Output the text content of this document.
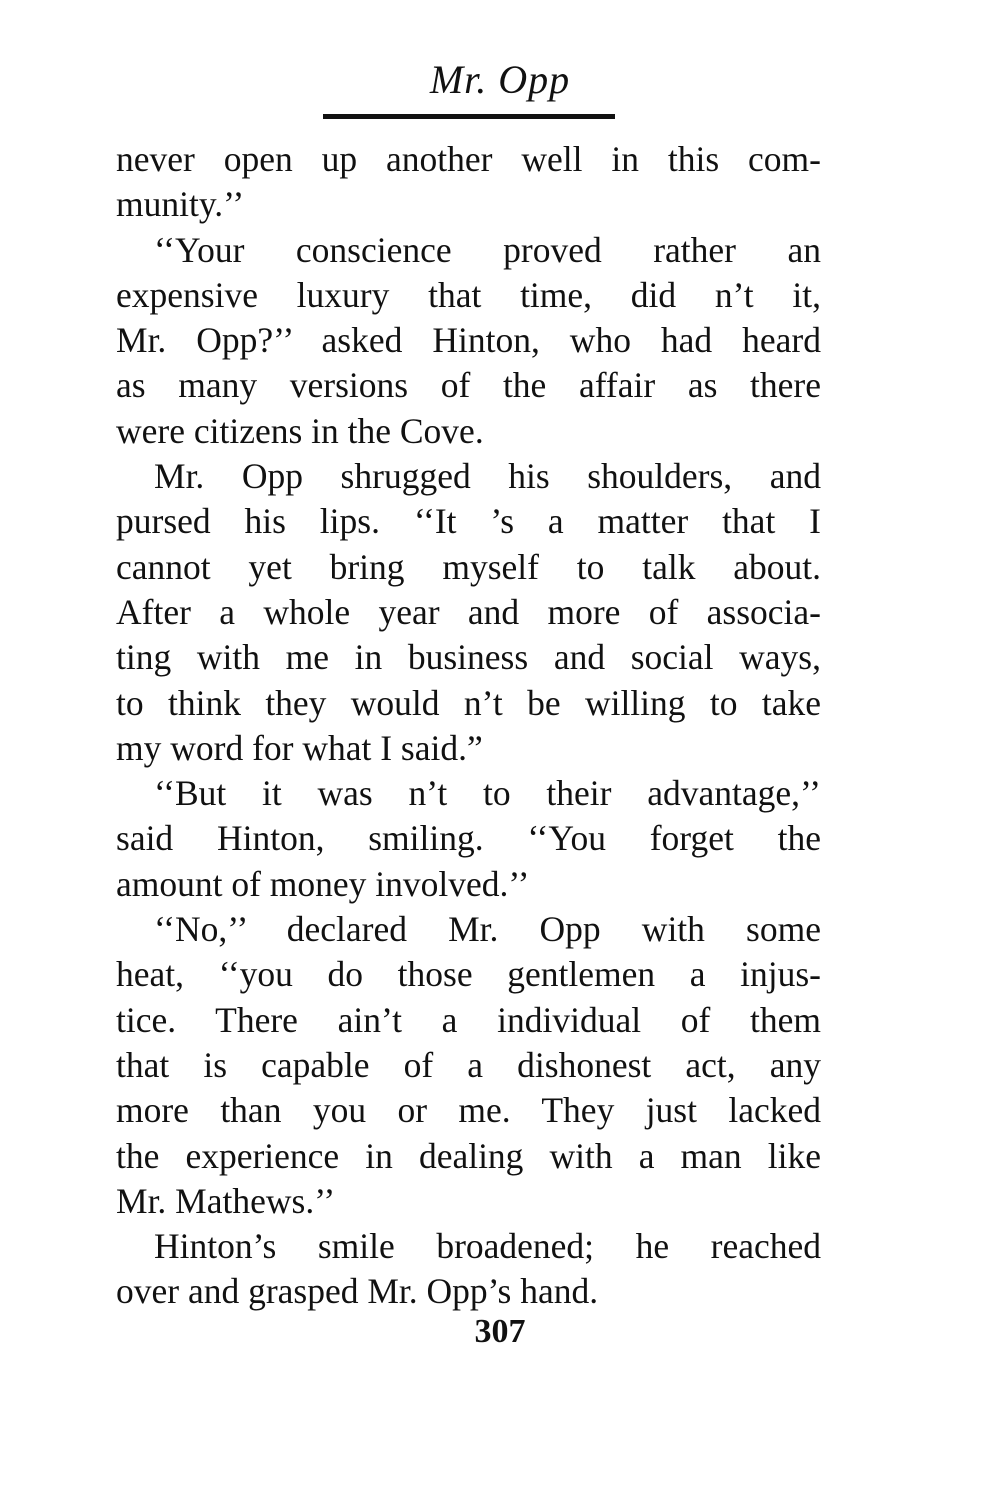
Mr. Opp

never open up another well in this com-
munity.’’

‘‘Your conscience proved rather an
expensive luxury that time, did n’t it,
Mr. Opp?’’ asked Hinton, who had heard
as many versions of the affair as there
were citizens in the Cove.

Mr. Opp shrugged his shoulders, and
pursed his lips. ‘‘It ’s a matter that I
cannot yet bring myself to talk about.
After a whole year and more of associa-
ting with me in business and social ways,
to think they would n’t be willing to take
my word for what I said.”

‘‘But it was n’t to their advantage,’’
said Hinton, smiling. ‘‘You forget the
amount of money involved.’’

‘‘No,’’ declared Mr. Opp with some
heat, ‘‘you do those gentlemen a injus-
tice. There ain’t a individual of them
that is capable of a dishonest act, any
more than you or me. They just lacked
the experience in dealing with a man like
Mr. Mathews.’’

Hinton’s smile broadened; he reached
over and grasped Mr. Opp’s hand.

307
